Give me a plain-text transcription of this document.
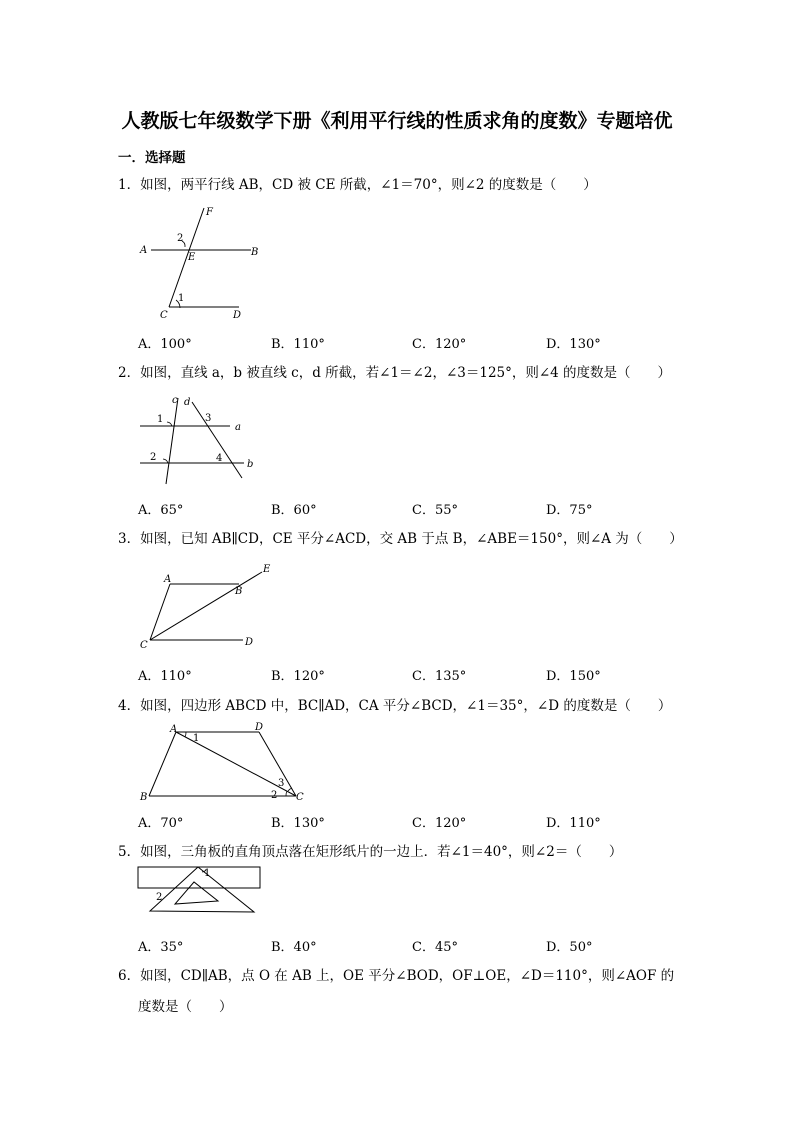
人教版七年级数学下册《利用平行线的性质求角的度数》专题培优
一．选择题
1．如图，两平行线 AB，CD 被 CE 所截，∠1＝70°，则∠2 的度数是（　　）
F
A	B
E
C	D
1
2
A．100°	B．110°	C．120°	D．130°
2．如图，直线 a，b 被直线 c，d 所截，若∠1＝∠2，∠3＝125°，则∠4 的度数是（　　）
c d
a
b
1
2
3
4
A．65°	B．60°	C．55°	D．75°
3．如图，已知 AB∥CD，CE 平分∠ACD，交 AB 于点 B，∠ABE＝150°，则∠A 为（　　）
A
B
C	D
E
A．110°	B．120°	C．135°	D．150°
4．如图，四边形 ABCD 中，BC∥AD，CA 平分∠BCD，∠1＝35°，∠D 的度数是（　　）
A	D
B	C
1
2
3
A．70°	B．130°	C．120°	D．110°
5．如图，三角板的直角顶点落在矩形纸片的一边上．若∠1＝40°，则∠2＝（　　）
1
2
A．35°	B．40°	C．45°	D．50°
6．如图，CD∥AB，点 O 在 AB 上，OE 平分∠BOD，OF⊥OE，∠D＝110°，则∠AOF 的
度数是（　　）
